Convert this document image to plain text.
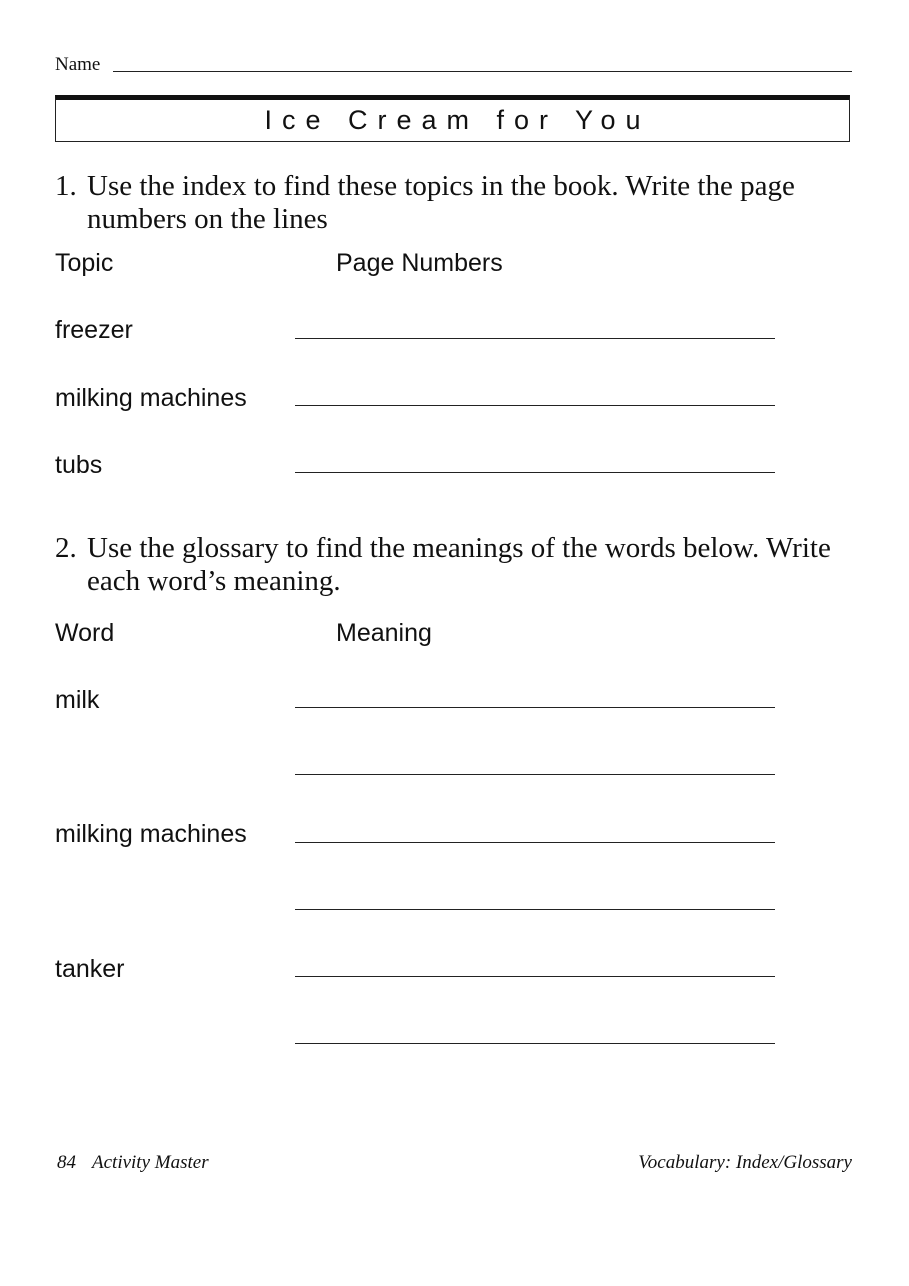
Name
Ice Cream for You
1. Use the index to find these topics in the book. Write the page numbers on the lines
Topic	Page Numbers
freezer
milking machines
tubs
2. Use the glossary to find the meanings of the words below. Write each word’s meaning.
Word	Meaning
milk
milking machines
tanker
84 Activity Master	Vocabulary: Index/Glossary
